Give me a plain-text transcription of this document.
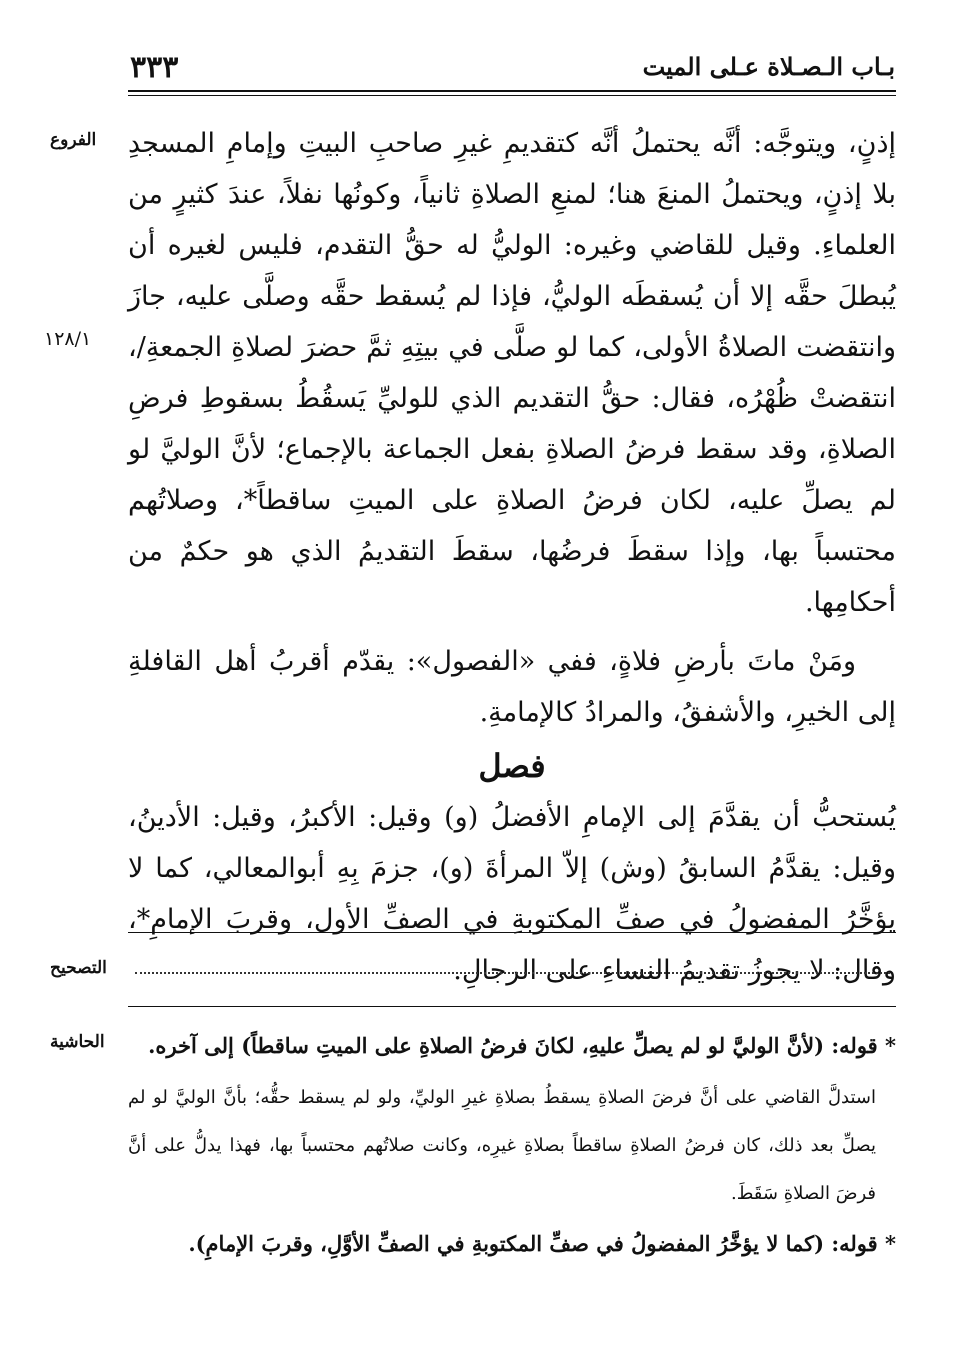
٣٣٣	بـاب الـصـلاة عـلى الميت
الفروع
١٢٨/١

إذنٍ، ويتوجَّه: أنَّه يحتملُ أنَّه كتقديمِ غيرِ صاحبِ البيتِ وإمامِ المسجدِ بلا إذنٍ، ويحتملُ المنعَ هنا؛ لمنعِ الصلاةِ ثانياً، وكونُها نفلاً، عندَ كثيرٍ من العلماءِ. وقيل للقاضي وغيره: الوليُّ له حقُّ التقدم، فليس لغيره أن يُبطلَ حقَّه إلا أن يُسقطَه الوليُّ، فإذا لم يُسقط حقَّه وصلَّى عليه، جازَ وانتقضت الصلاةُ الأولى، كما لو صلَّى في بيتِهِ ثمَّ حضرَ لصلاةِ الجمعةِ/، انتقضتْ ظُهْرُه، فقال: حقُّ التقديم الذي للوليِّ يَسقُطُ بسقوطِ فرضِ الصلاةِ، وقد سقط فرضُ الصلاةِ بفعل الجماعة بالإجماع؛ لأنَّ الوليَّ لو لم يصلِّ عليه، لكان فرضُ الصلاةِ على الميتِ ساقطاً*، وصلاتُهم محتسباً بها، وإذا سقطَ فرضُها، سقطَ التقديمُ الذي هو حكمٌ من أحكامِها.

ومَنْ ماتَ بأرضِ فلاةٍ، ففي «الفصول»: يقدّم أقربُ أهل القافلةِ إلى الخيرِ، والأشفقُ، والمرادُ كالإمامةِ.

فصل

يُستحبُّ أن يقدَّمَ إلى الإمامِ الأفضلُ (و) وقيل: الأكبرُ، وقيل: الأدينُ، وقيل: يقدَّمُ السابقُ (وش) إلاّ المرأةَ (و)، جزمَ بِهِ أبوالمعالي، كما لا يؤخَّرُ المفضولُ في صفِّ المكتوبةِ في الصفِّ الأول، وقربَ الإمامِ*، وقال: لا يجوزُ تقديمُ النساءِ على الرجالِ.

التصحيح
الحاشية	* قوله: (لأنَّ الوليَّ لو لم يصلِّ عليهِ، لكانَ فرضُ الصلاةِ على الميتِ ساقطاً) إلى آخره.

استدلَّ القاضي على أنَّ فرضَ الصلاةِ يسقطُ بصلاةِ غيرِ الوليِّ، ولو لم يسقط حقُّه؛ بأنَّ الوليَّ لو لم يصلِّ بعد ذلك، كان فرضُ الصلاةِ ساقطاً بصلاةِ غيرِه، وكانت صلاتُهم محتسباً بها، فهذا يدلُّ على أنَّ فرضَ الصلاةِ سَقَطَ.

* قوله: (كما لا يؤخَّرُ المفضولُ في صفِّ المكتوبةِ في الصفِّ الأوَّلِ، وقربَ الإمامِ).
